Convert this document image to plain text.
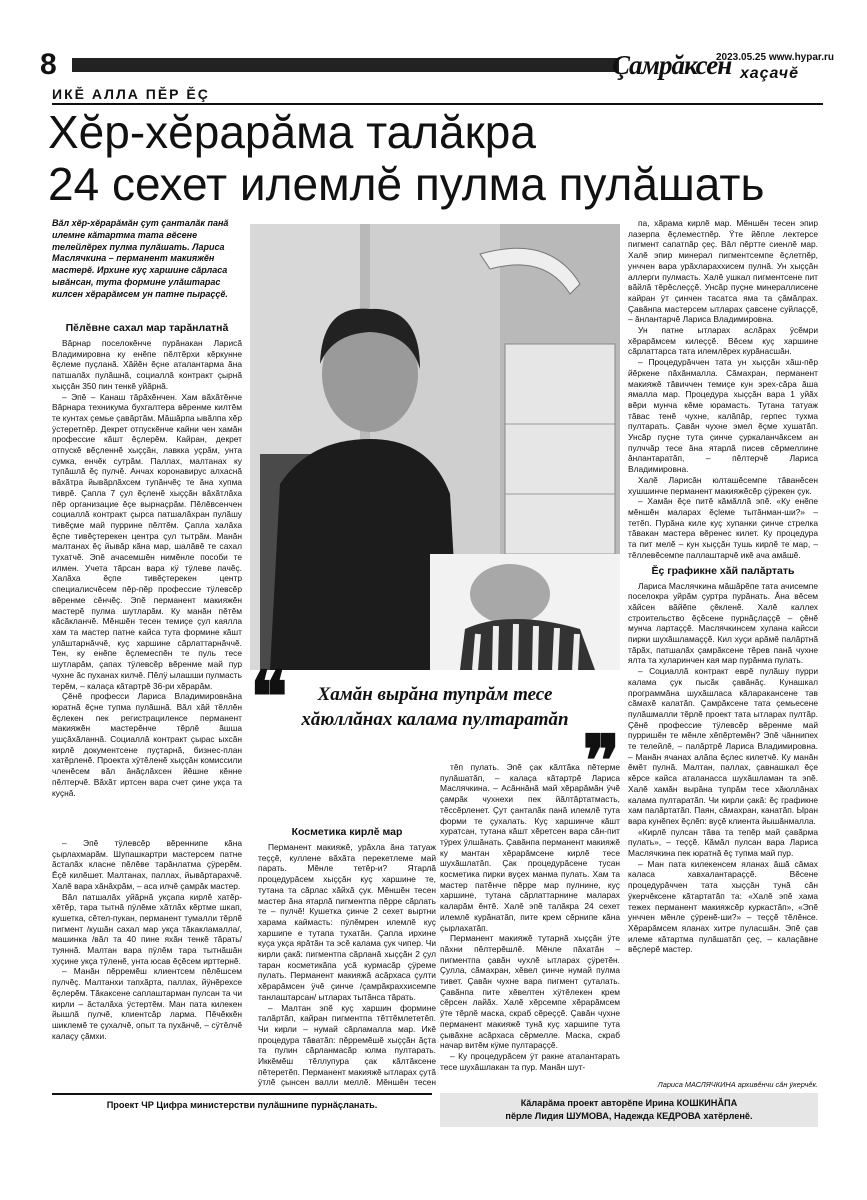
8	Çамрăксен
2023.05.25 www.hypar.ru
хаçачĕ
ИКĔ АЛЛА ПĔР ĔÇ
Хĕр-хĕрарăма талăкра
24 сехет илемлĕ пулма пулăшать
Вăл хĕр-хĕрарăмăн çут çанталăк панă илемне кăтартма тата вĕсене телейлĕрех пулма пулăшать. Лариса Маслячкина – перманент макияжĕн мастерĕ. Ирхине куç харшине сăрласа ывăнсан, тута формине улăштарас килсен хĕрарăмсем ун патне пыраççĕ.
Пĕлĕвне сахал мар тарăнлатнă

Вăрнар поселокĕнче пурăнакан Ларисă Владимировна ку енĕпе пĕлтĕрхи кĕркунне ĕçлеме пуçланă. Хăйĕн ĕçне аталантарма ăна патшалăх пулăшнă, социаллă контракт çырнă хыççăн 350 пин тенкĕ уйăрнă.

– Эпĕ – Канаш тăрăхĕнчен. Хам вăхăтĕнче Вăрнара техникума бухгалтера вĕренме килтĕм те кунтах çемье çавăртăм. Мăшăрпа ывăлпа хĕр ÿстеретпĕр. Декрет отпускĕнче кайни чен хамăн профессие кăшт ĕçлерĕм. Кайран, декрет отпускĕ вĕçленнĕ хыççăн, лавкка уçрăм, унта сумка, енчĕк сутрăм. Паллах, малтанах ку тупăшлă ĕç пулчĕ. Анчах коронавирус алхаснă вăхăтра йывăрлăхсем тупăнчĕç те ăна хупма тиврĕ. Çапла 7 çул ĕçленĕ хыççăн вăхăтлăха пĕр организацие ĕçе вырнаçрăм. Пĕлĕвсенчен социаллă контракт çырса патшалăхран пулăшу тивĕçме май пуррине пĕлтĕм. Çапла халăха ĕçпе тивĕçтерекен центра çул тытрăм. Манăн малтанах ĕç йывăр кăна мар, шалăвĕ те сахал тухатчĕ. Эпĕ ачасемшĕн нимĕнле пособи те илмен. Учета тăрсан вара кÿ тÿлеве пачĕç. Халăха ĕçпе тивĕçтерекен центр специалисчĕсем пĕр-пĕр профессие тÿлевсĕр вĕренме сĕнчĕç. Эпĕ перманент макияжĕн мастерĕ пулма шутларăм. Ку манăн пĕтĕм кăсăкланчĕ. Мĕншĕн тесен темиçе çул каялла хам та мастер патне кайса тута формине кăшт улăштарнăччĕ, куç харшине сăрлаттарнăччĕ. Тен, ку енĕпе ĕçлемеспĕн те пуль тесе шутларăм, çапах тÿлевсĕр вĕренме май пур чухне ăс пуханах килчĕ. Пĕлÿ ылашши пулмасть терĕм, – калаçа кăтартрĕ 36-ри хĕрарăм.

Çĕнĕ професси Лариса Владимировнăна юратнă ĕçне тупма пулăшнă. Вăл хăй тĕллĕн ĕçлекен пек регистрациленсе перманент макияжĕн мастерĕнче тĕрлĕ ăшша ушçăхăланнă. Социаллă контракт çырас ыхсăн кирлĕ документсене пуçтарнă, бизнес-план хатĕрленĕ. Проекта хÿтĕленĕ хыççăн комиссили членĕсем вăл ăнăçлăхсен йĕшне кĕнне пĕлтерчĕ. Вăхăт иртсен вара счет çине укçа та куçнă.

– Эпĕ тÿлевсĕр вĕреннипе кăна çырлахмарăм. Шупашкартри мастерсем патне ăсталăх класне пĕлĕве тарăнлатма çÿрерĕм. Ĕçĕ килĕшет. Малтанах, паллах, йывăртарахчĕ. Халĕ вара хăнăхрăм, – аса илчĕ çамрăк мастер.

Вăл патшалăх уйăрнă укçапа кирлĕ хатĕр-хĕтĕр, тара тытнă пÿлĕме хăтлăх кĕртме шкап, кушетка, сĕтел-пукан, перманент тумалли тĕрлĕ пигмент /кушăн сахал мар укçа тăкакламалла/, машинка /вăл та 40 пине яхăн тенкĕ тăрать/ туяннă. Малтан вара пÿлĕм тара тытнăшăн хуçине укçа тÿленĕ, унта юсав ĕçĕсем ирттернĕ.

– Манăн пĕрремĕш клиентсем пĕлĕшсем пулчĕç. Малтанхи тапхăрта, паллах, йÿнĕрехсе ĕçлерĕм. Тăкаксене саплаштарман пулсан та чи кирли – ăсталăха ÿстертĕм. Ман пата килекен йышлă пулчĕ, клиентсăр ларма. Пĕчĕккĕн шиклемĕ те çухалчĕ, опыт та пухăнчĕ, – сÿтĕлчĕ калаçу çăмхи.

❝	Хамăн вырăна тупрăм тесе хăюллăнах калама пултаратăп
❞
Косметика кирлĕ мар

Перманент макияжĕ, урăхла ăна татуаж теççĕ, куллене вăхăта перекетлеме май парать. Мĕнле тетĕр-и? Ятарлă процедурăсем хыççăн куç харшине те, тутана та сăрлас хăйхă çук. Мĕншĕн тесен мастер ăна ятарлă пигментпа пĕрре сăрлать те – пулчĕ! Кушетка çинче 2 сехет выртни харама каймасть: пÿлĕмрен илемлĕ куç харшипе е тутапа тухатăн. Çапла ирхине куçа укçа ярăтăн та эсĕ калама çук чипер. Чи кирли çакă: пигментпа сăрланă хыççăн 2 çул таран косметикăпа усă курмасăр çÿреме пулать. Перманент макияжă асăрхаса çулти хĕрарăмсен ÿчĕ çинче /çамрăкраххисемпе танлаштарсан/ ытларах тытăнса тăрать.

– Малтан эпĕ куç харшин формине талăртăп, кайран пигментпа тĕттĕмлететĕп. Чи кирли – нумай сăрламалла мар. Икĕ процедура тăватăп: пĕрремĕшĕ хыççăн ăçта та пулин сăрланмасăр юлма пултарать. Иккĕмĕш тĕллупура çак кăлтăксене пĕтеретĕп. Перманент макияжĕ ытларах çутă ÿтлĕ çынсен валли меллĕ. Мĕншĕн тесен

тĕп пулать. Эпĕ çак кăлтăка пĕтерме пулăшатăп, – калаçа кăтартрĕ Лариса Маслячкина. – Асăннăнă май хĕрарăмăн ÿчĕ çамрăк чухнехи пек йăлтăртатмасть, тĕссĕрленет. Çут çанталăк панă илемлĕ тута форми те çухалать. Куç харшинче кăшт хуратсан, тутана кăшт хĕретсен вара сăн-пит тÿрех ÿлшăнать. Çавăнпа перманент макияжĕ ку мантан хĕрарăмсене кирлĕ тесе шухăшлатăп. Çак процедурăсене тусан косметика пирки вуçех манма пулать. Хам та мастер патĕнче пĕрре мар пулнине, куç харшине, тутана сăрлаттарнине маларах каларăм ĕнтĕ. Халĕ эпĕ талăкра 24 сехет илемлĕ курăнатăп, пите крем сĕрнипе кăна çырлахатăп.

Перманент макияжĕ тутарнă хыççăн ÿте пăхни пĕлтерĕшлĕ. Мĕнле пăхатăн – пигментпа çавăн чухлĕ ытларах çÿретĕн. Çулла, сăмахран, хĕвел çинче нумай пулма тивет. Çавăн чухне вара пигмент çуталать. Çавăнпа пите хĕвелтен хÿтĕлекен крем сĕрсен лайăх. Халĕ хĕрсемпе хĕрарăмсем ÿте тĕрлĕ маска, скраб сĕреççĕ. Çавăн чухне перманент макияжĕ тунă куç харшипе тута çывăхне асăрхаса сĕрмелле. Маска, скраб начар витĕм кÿме пултараççĕ.

– Ку процедурăсем ÿт ракне аталантарать тесе шухăшлакан та пур. Манăн шут-

па, хăрама кирлĕ мар. Мĕншĕн тесен эпир лазерпа ĕçлеместпĕр. Ÿте йĕпле лектерсе пигмент сапатпăр çеç. Вăл пĕртте сиенлĕ мар. Халĕ эпир минерал пигментсемпе ĕçлетпĕр, унччен вара урăхлараххисем пулнă. Ун хыççăн аллерги пулмасть. Халĕ ушкал пигментсене пит вăйлă тĕрĕслеççĕ. Унсăр пуçне минераллисене кайран ÿт çинчен тасатса яма та çăмăлрах. Çавăнпа мастерсем ытларах çавсене суйлаççĕ, – ăнлантарчĕ Лариса Владимировна.

Ун патне ытларах аслăрах ÿсĕмри хĕрарăмсем килеççĕ. Вĕсем куç харшине сăрлаттарса тата илемлĕрех курăнасшăн.

– Процедурăччен тата ун хыççăн хăш-пĕр йĕркене пăхăнмалла. Сăмахран, перманент макияжĕ тăвиччен темиçе кун эрех-сăра ăша ямалла мар. Процедура хыççăн вара 1 уйăх вĕри мунча кĕме юрамасть. Тутана татуаж тăвас тенĕ чухне, калăпăр, герпес тухма пултарать. Çавăн чухне эмел ĕçме хушатăп. Унсăр пуçне тута çинче çуркаланчăксем ан пулччăр тесе ăна ятарлă писев сĕрмеллине ăнлантаратăп, – пĕлтерчĕ Лариса Владимировна.

Халĕ Ларисăн юлташĕсемпе тăванĕсен хушшинче перманент макияжĕсĕр çÿрекен çук.

– Хамăн ĕçе питĕ кăмăллă эпĕ. «Ку енĕпе мĕншĕн маларах ĕçleме тытăнман-ши?» – тетĕп. Пурăна киле куç хупанки çинче стрелка тăвакан мастера вĕренес килет. Ку процедура та пит мелĕ – кун хыççăн тушь кирлĕ те мар, – тĕллевĕсемпе паллаштарчĕ икĕ ача амăшĕ.

Ĕç графикне хăй палăртать

Лариса Маслячкина мăшăрĕпе тата ачисемпе поселокра уйрăм çуртра пурăнать. Ăна вĕсем хăйсен вăйĕпе çĕкленĕ. Халĕ каллех строительство ĕçĕсене пурнăçлаççĕ – çĕнĕ мунча лартаççĕ. Маслячкинсем хулана кайсси пирки шухăшламаççĕ. Кил хуçи арăмĕ палăртнă тăрăх, патшалăх çамрăксене тĕрев панă чухне ялта та хуларинчен кая мар пурăнма пулать.

– Социаллă контракт еврĕ пулăшу пурри калама çук пысăк çавăнăç. Кунашкал программăна шухăшласа кăларакансене тав сăмахĕ калатăп. Çамрăксене тата çемьесене пулăшмалли тĕрлĕ проект тата ытларах пултăр. Çĕнĕ профессие тÿлевсĕр вĕренме май пурришĕн те мĕнле хĕпĕртемĕн? Эпĕ чăннипех те телейлĕ, – палăртрĕ Лариса Владимировна. – Манăн ячанах алăпа ĕçлес килетчĕ. Ку манăн ĕмĕт пулнă. Малтан, паллах, çавнашкал ĕçе кĕрсе кайса аталанасса шухăшламан та эпĕ. Халĕ хамăн вырăна тупрăм тесе хăюллăнах калама пултаратăп. Чи кирли çакă: ĕç графикне хам палăртатăп. Паян, сăмахран, канатăп. Ыран вара кунĕпех ĕçлĕп: вуçĕ клиента йышăнмалла.

«Кирлĕ пулсан тăва та тепĕр май çавăрма пулать», – теççĕ. Кăмăл пулсан вара Лариса Маслячкина пек юратнă ĕç тупма май пур.

– Ман пата килекенсем яланах ăшă сăмах каласа хавхалантараççĕ. Вĕсене процедурăччен тата хыççăн тунă сăн ÿкерчĕксене кăтартатăп та: «Халĕ эпĕ хама тежех перманент макияжсĕр куркастăп», «Эпĕ унччен мĕнле çÿренĕ-ши?» – теççĕ тĕлĕнсе. Хĕрарăмсем яланах хитре пуласшăн. Эпĕ çав илеме кăтартма пулăшатăп çеç, – калаçăвне вĕçлерĕ мастер.

Лариса МАСЛЯЧКИНА архивĕнчи сăн ÿкерчĕк.
Проект ЧР Цифра министерстви пулăшнипе пурнăçланать.	Кăларăма проект авторĕпе Ирина КОШКИНĂПА
пĕрле Лидия ШУМОВА, Надежда КЕДРОВА хатĕрленĕ.
